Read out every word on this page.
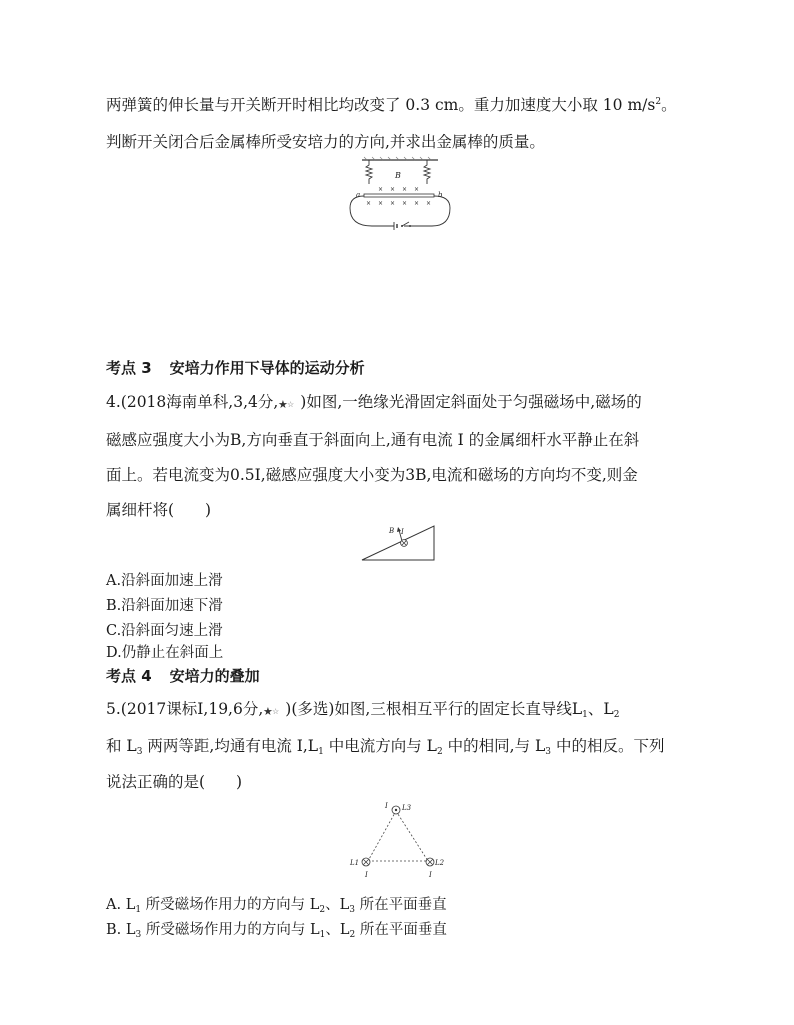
两弹簧的伸长量与开关断开时相比均改变了 0.3 cm。重力加速度大小取 10 $m/s^2$。
判断开关闭合后金属棒所受安培力的方向,并求出金属棒的质量。
B
× × × ×
× × × × × ×
a	b
考点 3 安培力作用下导体的运动分析
4.(2018海南单科,3,4分, ★ ☆ )如图,一绝缘光滑固定斜面处于匀强磁场中,磁场的
磁感应强度大小为B,方向垂直于斜面向上,通有电流 I 的金属细杆水平静止在斜
面上。若电流变为0.5I,磁感应强度大小变为3B,电流和磁场的方向均不变,则金
属细杆将(　　)
B I
A.沿斜面加速上滑
B.沿斜面加速下滑
C.沿斜面匀速上滑
D.仍静止在斜面上
考点 4 安培力的叠加
5.(2017课标Ⅰ,19,6分, ★ ☆ )(多选)如图,三根相互平行的固定长直导线$L_1$、$L_2$
和 $L_3$ 两两等距,均通有电流 $I,L_1$ 中电流方向与 $L_2$ 中的相同,与 $L_3$ 中的相反。下列
说法正确的是(　　)
I L3
L1	L2
I	I
A. $L_1$ 所受磁场作用力的方向与 $L_2$、$L_3$ 所在平面垂直
B. $L_3$ 所受磁场作用力的方向与 $L_1$、$L_2$ 所在平面垂直
